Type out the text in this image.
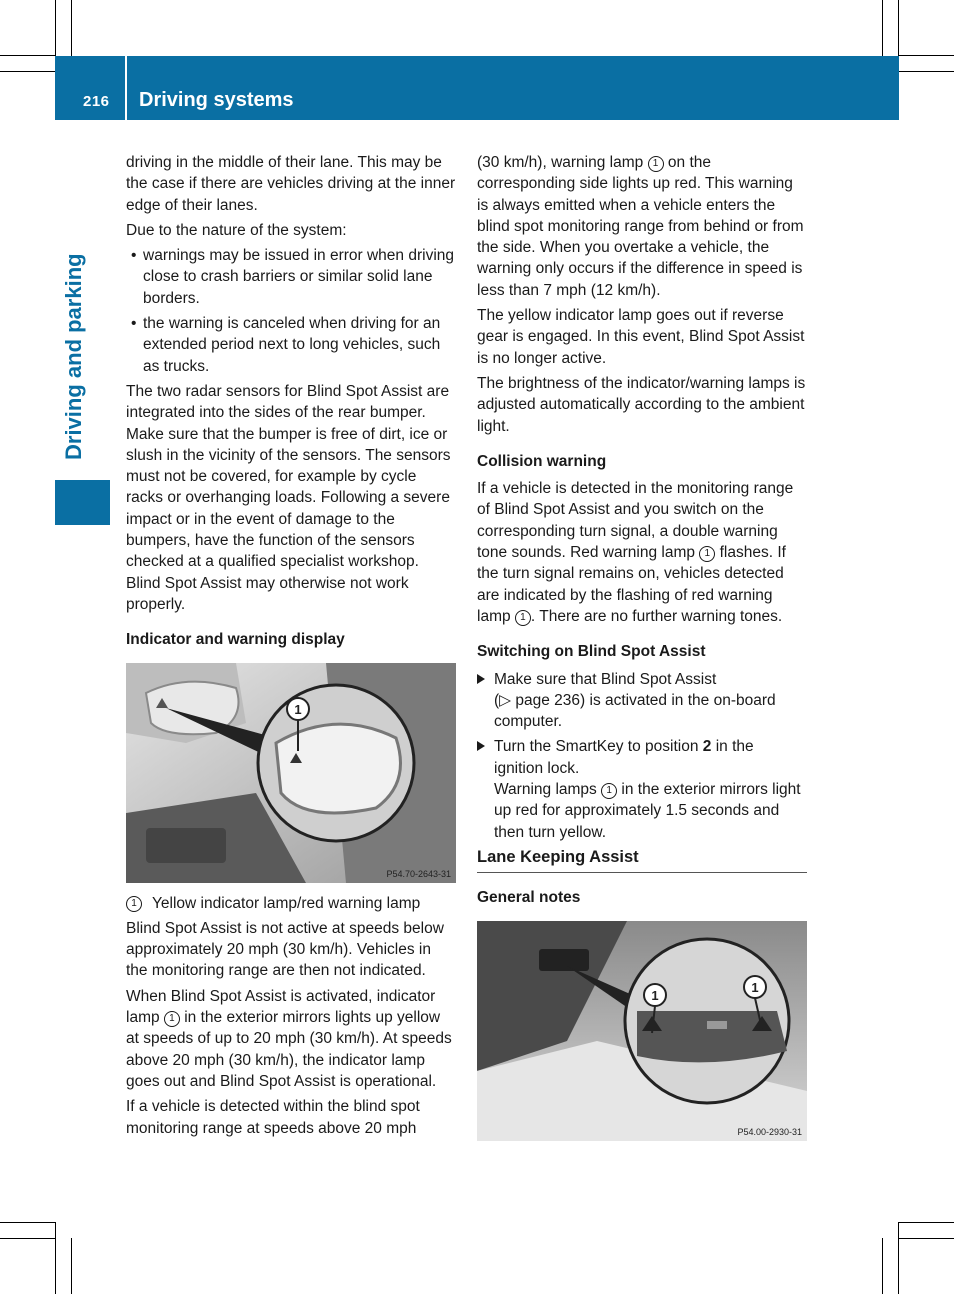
216 Driving systems
Driving and parking

driving in the middle of their lane. This may be the case if there are vehicles driving at the inner edge of their lanes.

Due to the nature of the system:

• warnings may be issued in error when driving close to crash barriers or similar solid lane borders.
• the warning is canceled when driving for an extended period next to long vehicles, such as trucks.

The two radar sensors for Blind Spot Assist are integrated into the sides of the rear bumper. Make sure that the bumper is free of dirt, ice or slush in the vicinity of the sensors. The sensors must not be covered, for example by cycle racks or overhanging loads. Following a severe impact or in the event of damage to the bumpers, have the function of the sensors checked at a qualified specialist workshop. Blind Spot Assist may otherwise not work properly.

Indicator and warning display

1
P54.70-2643-31

1 Yellow indicator lamp/red warning lamp

Blind Spot Assist is not active at speeds below approximately 20 mph (30 km/h). Vehicles in the monitoring range are then not indicated.

When Blind Spot Assist is activated, indicator lamp 1 in the exterior mirrors lights up yellow at speeds of up to 20 mph (30 km/h). At speeds above 20 mph (30 km/h), the indicator lamp goes out and Blind Spot Assist is operational.

If a vehicle is detected within the blind spot monitoring range at speeds above 20 mph

(30 km/h), warning lamp 1 on the corresponding side lights up red. This warning is always emitted when a vehicle enters the blind spot monitoring range from behind or from the side. When you overtake a vehicle, the warning only occurs if the difference in speed is less than 7 mph (12 km/h).

The yellow indicator lamp goes out if reverse gear is engaged. In this event, Blind Spot Assist is no longer active.

The brightness of the indicator/warning lamps is adjusted automatically according to the ambient light.

Collision warning

If a vehicle is detected in the monitoring range of Blind Spot Assist and you switch on the corresponding turn signal, a double warning tone sounds. Red warning lamp 1 flashes. If the turn signal remains on, vehicles detected are indicated by the flashing of red warning lamp 1 . There are no further warning tones.

Switching on Blind Spot Assist

Make sure that Blind Spot Assist
(▷ page 236) is activated in the on-board computer.
Turn the SmartKey to position 2 in the ignition lock.
Warning lamps 1 in the exterior mirrors light up red for approximately 1.5 seconds and then turn yellow.

Lane Keeping Assist

General notes

1
1
P54.00-2930-31
